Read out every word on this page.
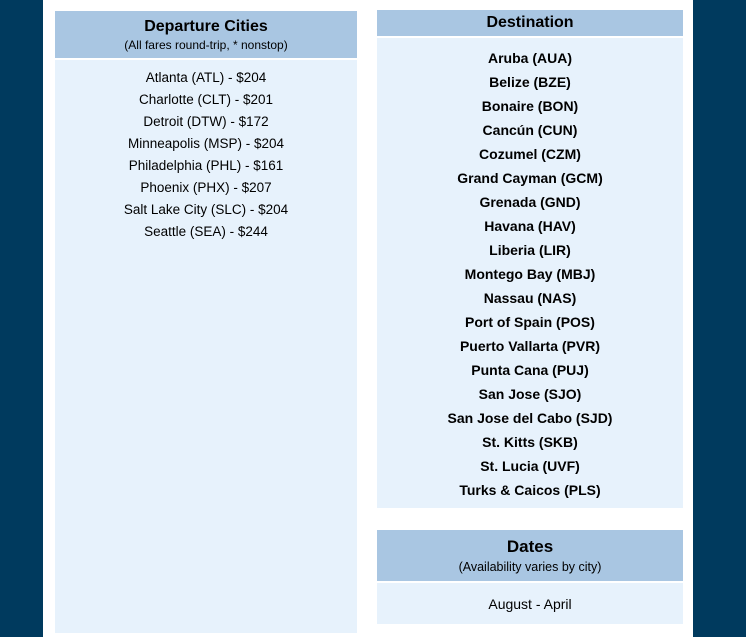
Departure Cities
(All fares round-trip, * nonstop)
Atlanta (ATL) - $204
Charlotte (CLT) - $201
Detroit (DTW) - $172
Minneapolis (MSP) - $204
Philadelphia (PHL) - $161
Phoenix (PHX) - $207
Salt Lake City (SLC) - $204
Seattle (SEA) - $244
Destination
Aruba (AUA)
Belize (BZE)
Bonaire (BON)
Cancún (CUN)
Cozumel (CZM)
Grand Cayman (GCM)
Grenada (GND)
Havana (HAV)
Liberia (LIR)
Montego Bay (MBJ)
Nassau (NAS)
Port of Spain (POS)
Puerto Vallarta (PVR)
Punta Cana (PUJ)
San Jose (SJO)
San Jose del Cabo (SJD)
St. Kitts (SKB)
St. Lucia (UVF)
Turks & Caicos (PLS)
Dates
(Availability varies by city)
August - April
